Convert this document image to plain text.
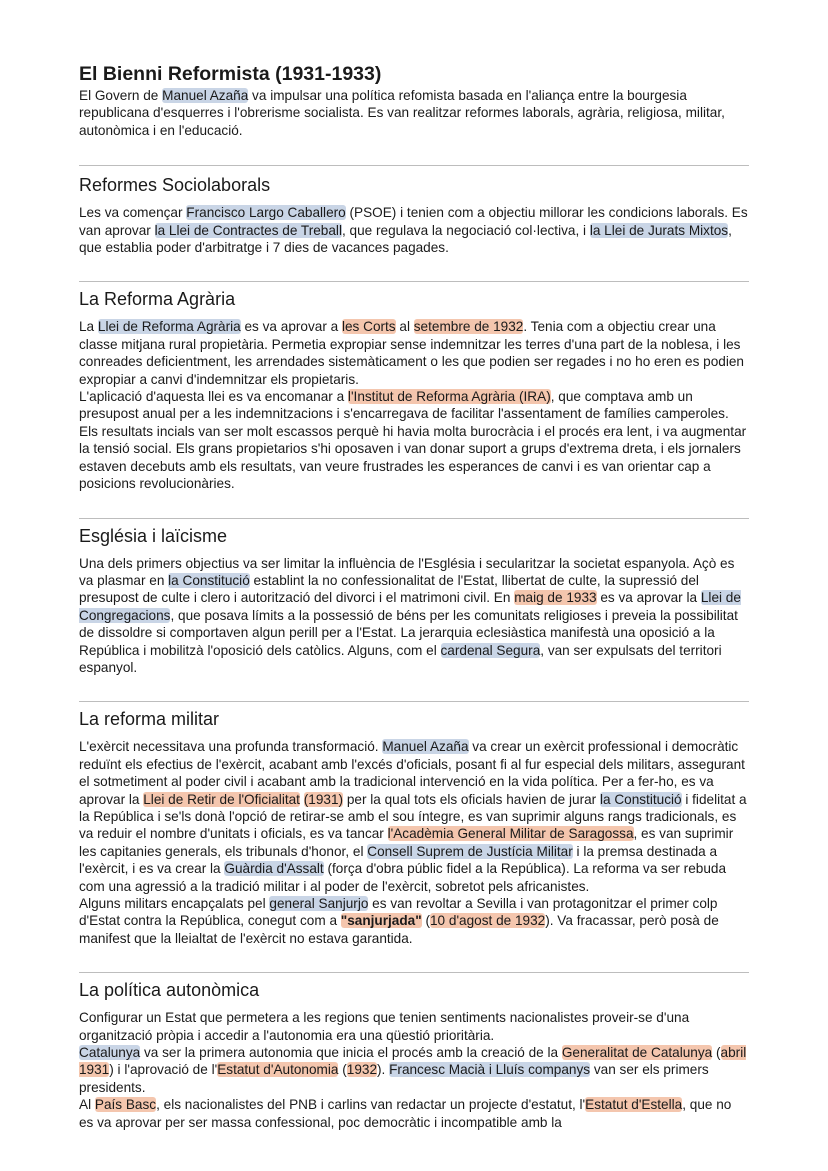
El Bienni Reformista (1931-1933)

El Govern de Manuel Azaña va impulsar una política refomista basada en l'aliança entre la bourgesia republicana d'esquerres i l'obrerisme socialista. Es van realitzar reformes laborals, agrària, religiosa, militar, autonòmica i en l'educació.

Reformes Sociolaborals

Les va començar Francisco Largo Caballero (PSOE) i tenien com a objectiu millorar les condicions laborals. Es van aprovar la Llei de Contractes de Treball, que regulava la negociació col·lectiva, i la Llei de Jurats Mixtos, que establia poder d'arbitratge i 7 dies de vacances pagades.

La Reforma Agrària

La Llei de Reforma Agrària es va aprovar a les Corts al setembre de 1932. Tenia com a objectiu crear una classe mitjana rural propietària. Permetia expropiar sense indemnitzar les terres d'una part de la noblesa, i les conreades deficientment, les arrendades sistemàticament o les que podien ser regades i no ho eren es podien expropiar a canvi d'indemnitzar els propietaris.

L'aplicació d'aquesta llei es va encomanar a l'Institut de Reforma Agrària (IRA), que comptava amb un presupost anual per a les indemnitzacions i s'encarregava de facilitar l'assentament de famílies camperoles. Els resultats incials van ser molt escassos perquè hi havia molta burocràcia i el procés era lent, i va augmentar la tensió social. Els grans propietarios s'hi oposaven i van donar suport a grups d'extrema dreta, i els jornalers estaven decebuts amb els resultats, van veure frustrades les esperances de canvi i es van orientar cap a posicions revolucionàries.

Església i laïcisme

Una dels primers objectius va ser limitar la influència de l'Església i secularitzar la societat espanyola. Açò es va plasmar en la Constitució establint la no confessionalitat de l'Estat, llibertat de culte, la supressió del presupost de culte i clero i autorització del divorci i el matrimoni civil. En maig de 1933 es va aprovar la Llei de Congregacions, que posava límits a la possessió de béns per les comunitats religioses i preveia la possibilitat de dissoldre si comportaven algun perill per a l'Estat. La jerarquia eclesiàstica manifestà una oposició a la República i mobilitzà l'oposició dels catòlics. Alguns, com el cardenal Segura, van ser expulsats del territori espanyol.

La reforma militar

L'exèrcit necessitava una profunda transformació. Manuel Azaña va crear un exèrcit professional i democràtic reduïnt els efectius de l'exèrcit, acabant amb l'excés d'oficials, posant fi al fur especial dels militars, assegurant el sotmetiment al poder civil i acabant amb la tradicional intervenció en la vida política. Per a fer-ho, es va aprovar la Llei de Retir de l'Oficialitat (1931) per la qual tots els oficials havien de jurar la Constitució i fidelitat a la República i se'ls donà l'opció de retirar-se amb el sou íntegre, es van suprimir alguns rangs tradicionals, es va reduir el nombre d'unitats i oficials, es va tancar l'Acadèmia General Militar de Saragossa, es van suprimir les capitanies generals, els tribunals d'honor, el Consell Suprem de Justícia Militar i la premsa destinada a l'exèrcit, i es va crear la Guàrdia d'Assalt (força d'obra públic fidel a la República). La reforma va ser rebuda com una agressió a la tradició militar i al poder de l'exèrcit, sobretot pels africanistes.

Alguns militars encapçalats pel general Sanjurjo es van revoltar a Sevilla i van protagonitzar el primer colp d'Estat contra la República, conegut com a "sanjurjada" (10 d'agost de 1932). Va fracassar, però posà de manifest que la lleialtat de l'exèrcit no estava garantida.

La política autonòmica

Configurar un Estat que permetera a les regions que tenien sentiments nacionalistes proveir-se d'una organització pròpia i accedir a l'autonomia era una qüestió prioritària.

Catalunya va ser la primera autonomia que inicia el procés amb la creació de la Generalitat de Catalunya (abril 1931) i l'aprovació de l'Estatut d'Autonomia (1932). Francesc Macià i Lluís companys van ser els primers presidents.

Al País Basc, els nacionalistes del PNB i carlins van redactar un projecte d'estatut, l'Estatut d'Estella, que no es va aprovar per ser massa confessional, poc democràtic i incompatible amb la
